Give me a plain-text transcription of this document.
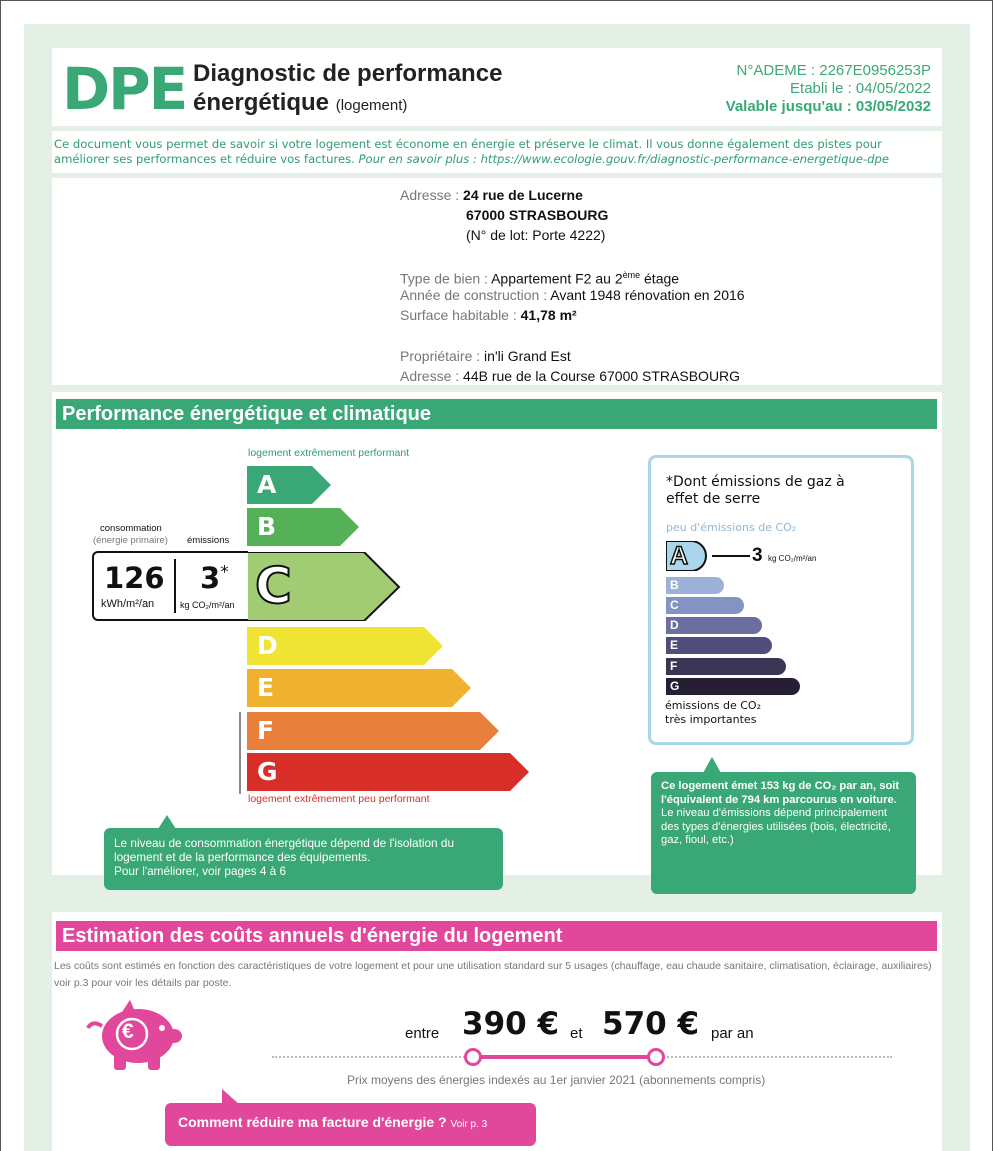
DPE Diagnostic de performance
énergétique (logement)
N°ADEME : 2267E0956253P
Etabli le : 04/05/2022
Valable jusqu'au : 03/05/2032
Ce document vous permet de savoir si votre logement est économe en énergie et préserve le climat. Il vous donne également des pistes pour améliorer ses performances et réduire vos factures. Pour en savoir plus : https://www.ecologie.gouv.fr/diagnostic-performance-energetique-dpe
Adresse : 24 rue de Lucerne
67000 STRASBOURG
(N° de lot: Porte 4222)
Type de bien : Appartement F2 au 2ème étage
Année de construction : Avant 1948 rénovation en 2016
Surface habitable : 41,78 m²
Propriétaire : in'li Grand Est
Adresse : 44B rue de la Course 67000 STRASBOURG
Performance énergétique et climatique
logement extrêmement performant
logement extrêmement peu performant
A
B
C
D
E
F
G
consommation
(énergie primaire) émissions
126
kWh/m²/an
3*
kg CO₂/m²/an
Le niveau de consommation énergétique dépend de l'isolation du logement et de la performance des équipements.
Pour l'améliorer, voir pages 4 à 6
*Dont émissions de gaz à effet de serre
peu d'émissions de CO₂
A
B
C
D
E
F
G
3 kg CO₂/m²/an
émissions de CO₂
très importantes
Ce logement émet 153 kg de CO₂ par an, soit l'équivalent de 794 km parcourus en voiture.
Le niveau d'émissions dépend principalement des types d'énergies utilisées (bois, électricité, gaz, fioul, etc.)
Estimation des coûts annuels d'énergie du logement
Les coûts sont estimés en fonction des caractéristiques de votre logement et pour une utilisation standard sur 5 usages (chauffage, eau chaude sanitaire, climatisation, éclairage, auxiliaires) voir p.3 pour voir les détails par poste.
€	entre 390 € et 570 € par an
Prix moyens des énergies indexés au 1er janvier 2021 (abonnements compris)
Comment réduire ma facture d'énergie ? Voir p. 3
